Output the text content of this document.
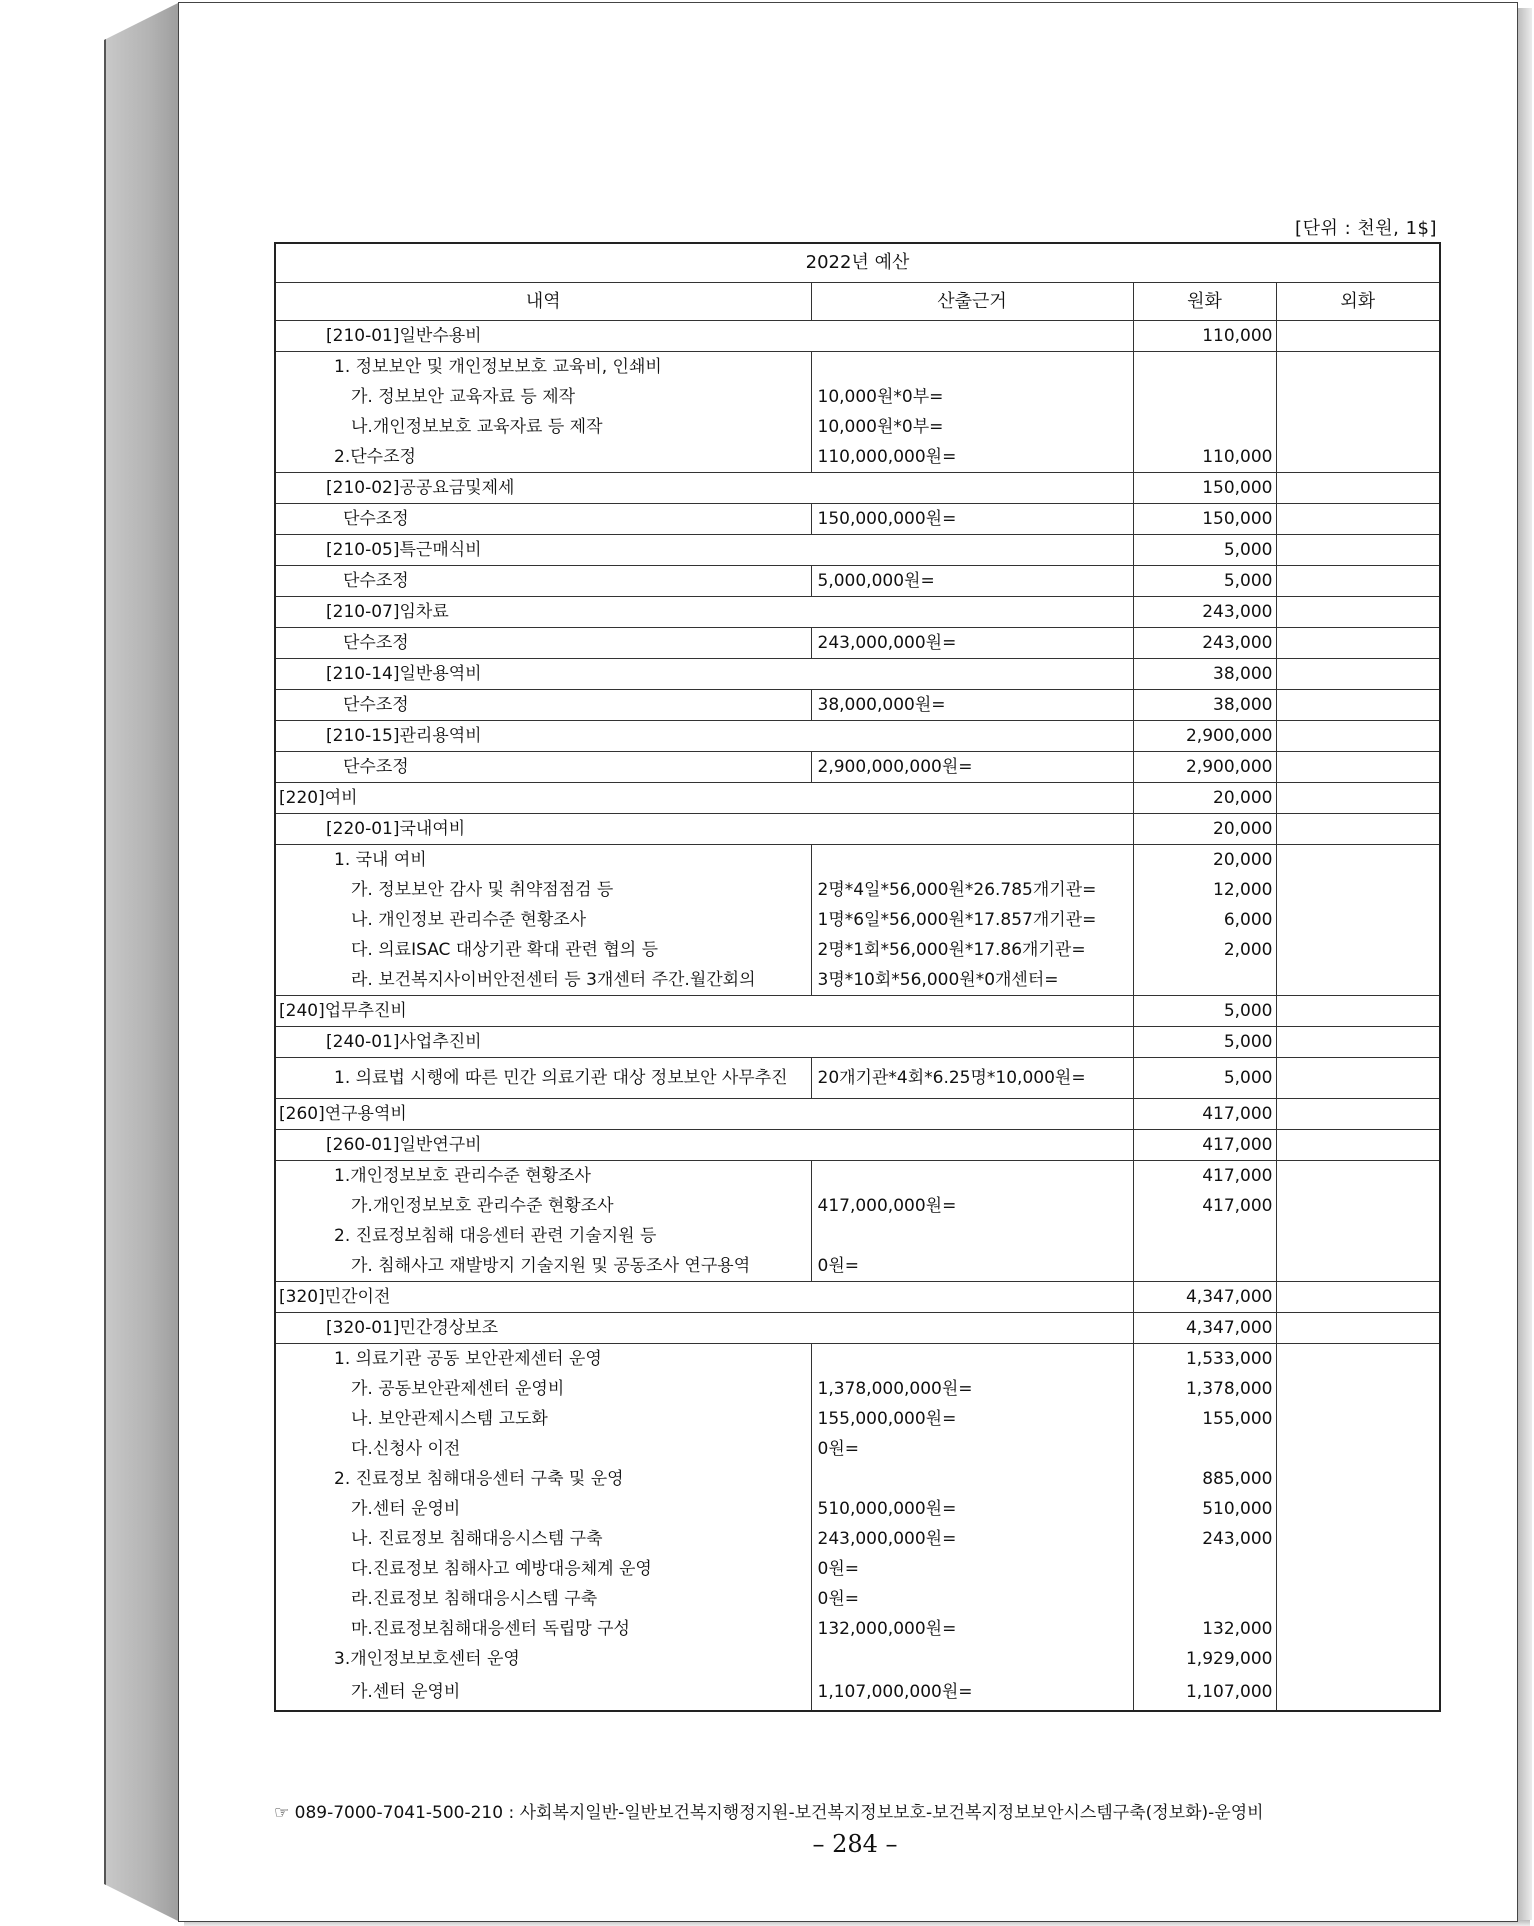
[단위 : 천원, 1$]
2022년 예산			
내역	산출근거	원화	외화
[210-01]일반수용비		110,000	
1. 정보보안 및 개인정보보호 교육비, 인쇄비			
가. 정보보안 교육자료 등 제작	10,000원*0부=		
나.개인정보보호 교육자료 등 제작	10,000원*0부=		
2.단수조정	110,000,000원=	110,000	
[210-02]공공요금및제세		150,000	
단수조정	150,000,000원=	150,000	
[210-05]특근매식비		5,000	
단수조정	5,000,000원=	5,000	
[210-07]임차료		243,000	
단수조정	243,000,000원=	243,000	
[210-14]일반용역비		38,000	
단수조정	38,000,000원=	38,000	
[210-15]관리용역비		2,900,000	
단수조정	2,900,000,000원=	2,900,000	
[220]여비		20,000	
[220-01]국내여비		20,000	
1. 국내 여비		20,000	
가. 정보보안 감사 및 취약점점검 등	2명*4일*56,000원*26.785개기관=	12,000	
나. 개인정보 관리수준 현황조사	1명*6일*56,000원*17.857개기관=	6,000	
다. 의료ISAC 대상기관 확대 관련 협의 등	2명*1회*56,000원*17.86개기관=	2,000	
라. 보건복지사이버안전센터 등 3개센터 주간.월간회의	3명*10회*56,000원*0개센터=		
[240]업무추진비		5,000	
[240-01]사업추진비		5,000	
1. 의료법 시행에 따른 민간 의료기관 대상 정보보안 사무추진	20개기관*4회*6.25명*10,000원=	5,000	
[260]연구용역비		417,000	
[260-01]일반연구비		417,000	
1.개인정보보호 관리수준 현황조사		417,000	
가.개인정보보호 관리수준 현황조사	417,000,000원=	417,000	
2. 진료정보침해 대응센터 관련 기술지원 등			
가. 침해사고 재발방지 기술지원 및 공동조사 연구용역	0원=		
[320]민간이전		4,347,000	
[320-01]민간경상보조		4,347,000	
1. 의료기관 공동 보안관제센터 운영		1,533,000	
가. 공동보안관제센터 운영비	1,378,000,000원=	1,378,000	
나. 보안관제시스템 고도화	155,000,000원=	155,000	
다.신청사 이전	0원=		
2. 진료정보 침해대응센터 구축 및 운영		885,000	
가.센터 운영비	510,000,000원=	510,000	
나. 진료정보 침해대응시스템 구축	243,000,000원=	243,000	
다.진료정보 침해사고 예방대응체계 운영	0원=		
라.진료정보 침해대응시스템 구축	0원=		
마.진료정보침해대응센터 독립망 구성	132,000,000원=	132,000	
3.개인정보보호센터 운영		1,929,000	
가.센터 운영비	1,107,000,000원=	1,107,000	
☞ 089-7000-7041-500-210 : 사회복지일반-일반보건복지행정지원-보건복지정보보호-보건복지정보보안시스템구축(정보화)-운영비
– 284 –
